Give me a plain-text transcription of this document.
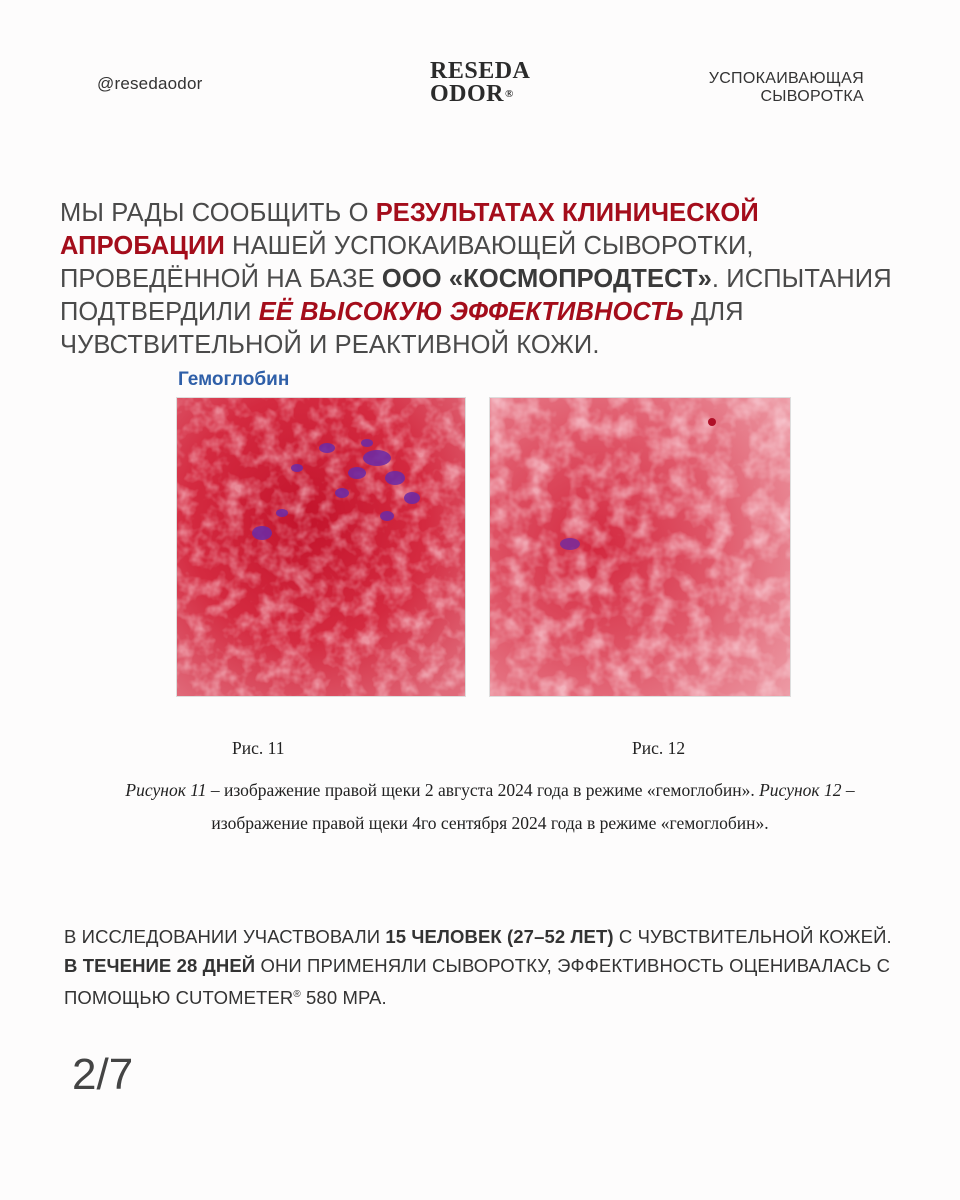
@resedaodor	RESEDA
ODOR®
УСПОКАИВАЮЩАЯ
СЫВОРОТКА
МЫ РАДЫ СООБЩИТЬ О РЕЗУЛЬТАТАХ КЛИНИЧЕСКОЙ АПРОБАЦИИ НАШЕЙ УСПОКАИВАЮЩЕЙ СЫВОРОТКИ, ПРОВЕДЁННОЙ НА БАЗЕ ООО «КОСМОПРОДТЕСТ». ИСПЫТАНИЯ ПОДТВЕРДИЛИ ЕЁ ВЫСОКУЮ ЭФФЕКТИВНОСТЬ ДЛЯ ЧУВСТВИТЕЛЬНОЙ И РЕАКТИВНОЙ КОЖИ.
Гемоглобин
Рис. 11	Рис. 12
Рисунок 11 – изображение правой щеки 2 августа 2024 года в режиме «гемоглобин». Рисунок 12 – изображение правой щеки 4го сентября 2024 года в режиме «гемоглобин».
В ИССЛЕДОВАНИИ УЧАСТВОВАЛИ 15 ЧЕЛОВЕК (27–52 ЛЕТ) С ЧУВСТВИТЕЛЬНОЙ КОЖЕЙ. В ТЕЧЕНИЕ 28 ДНЕЙ ОНИ ПРИМЕНЯЛИ СЫВОРОТКУ, ЭФФЕКТИВНОСТЬ ОЦЕНИВАЛАСЬ С ПОМОЩЬЮ CUTOMETER® 580 MPA.
2/7
